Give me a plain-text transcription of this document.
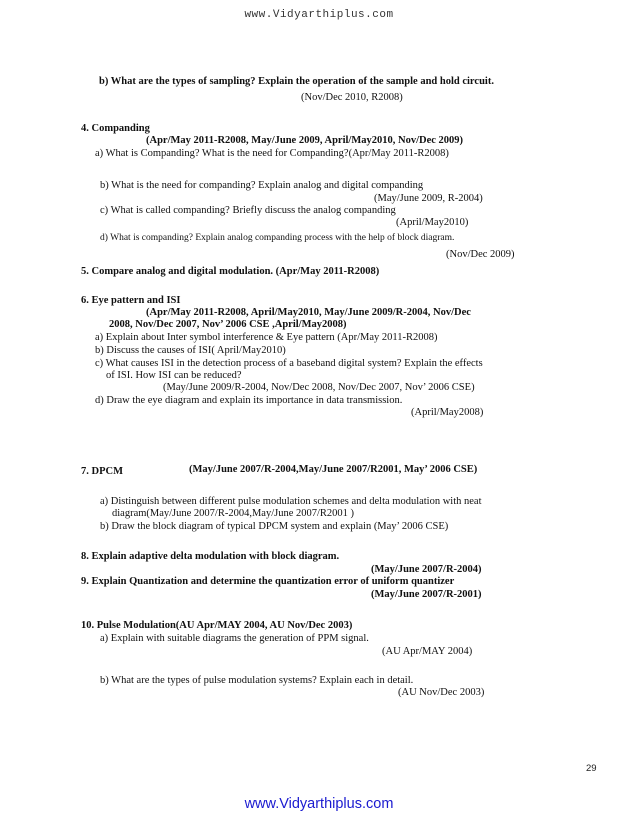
www.Vidyarthiplus.com
b) What are the types of sampling? Explain the operation of the sample and hold circuit.
(Nov/Dec 2010, R2008)
4. Companding
(Apr/May 2011-R2008, May/June 2009, April/May2010, Nov/Dec 2009)
a) What is Companding? What is the need for Companding?(Apr/May 2011-R2008)
b) What is the need for companding? Explain analog and digital companding
(May/June 2009, R-2004)
c) What is called companding? Briefly discuss the analog companding
(April/May2010)
d) What is companding? Explain analog companding process with the help of block diagram.
(Nov/Dec 2009)
5. Compare analog and digital modulation. (Apr/May 2011-R2008)
6. Eye pattern and ISI
(Apr/May 2011-R2008, April/May2010, May/June 2009/R-2004, Nov/Dec
2008, Nov/Dec 2007, Nov’ 2006 CSE ,April/May2008)
a) Explain about Inter symbol interference & Eye pattern (Apr/May 2011-R2008)
b) Discuss the causes of ISI( April/May2010)
c) What causes ISI in the detection process of a baseband digital system? Explain the effects
of ISI. How ISI can be reduced?
(May/June 2009/R-2004, Nov/Dec 2008, Nov/Dec 2007, Nov’ 2006 CSE)
d) Draw the eye diagram and explain its importance in data transmission.
(April/May2008)
7. DPCM	(May/June 2007/R-2004,May/June 2007/R2001, May’ 2006 CSE)
a) Distinguish between different pulse modulation schemes and delta modulation with neat
diagram(May/June 2007/R-2004,May/June 2007/R2001 )
b) Draw the block diagram of typical DPCM system and explain (May’ 2006 CSE)
8. Explain adaptive delta modulation with block diagram.
(May/June 2007/R-2004)
9. Explain Quantization and determine the quantization error of uniform quantizer
(May/June 2007/R-2001)
10. Pulse Modulation(AU Apr/MAY 2004, AU Nov/Dec 2003)
a) Explain with suitable diagrams the generation of PPM signal.
(AU Apr/MAY 2004)
b) What are the types of pulse modulation systems? Explain each in detail.
(AU Nov/Dec 2003)
29
www.Vidyarthiplus.com
